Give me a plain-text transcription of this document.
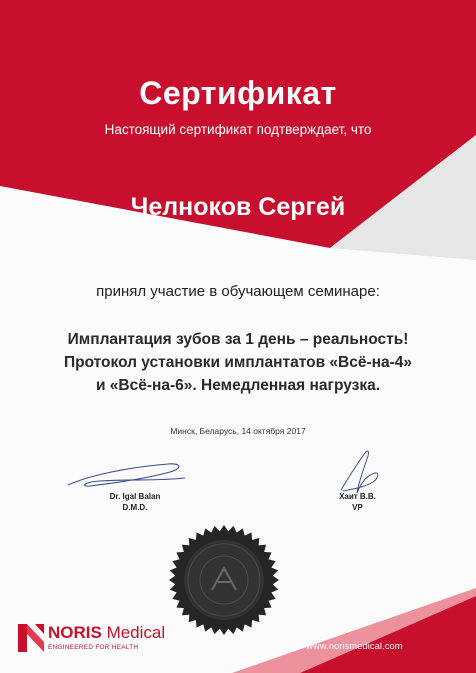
Сертификат
Настоящий сертификат подтверждает, что
Челноков Сергей
принял участие в обучающем семинаре:
Имплантация зубов за 1 день – реальность!
Протокол установки имплантатов «Всё-на-4»
и «Всё-на-6». Немедленная нагрузка.
Минск, Беларусь, 14 октября 2017
Dr. Igal Balan
D.M.D.
Хаит В.В.
VP
NORIS Medical
ENGINEERED FOR HEALTH	www.norismedical.com
